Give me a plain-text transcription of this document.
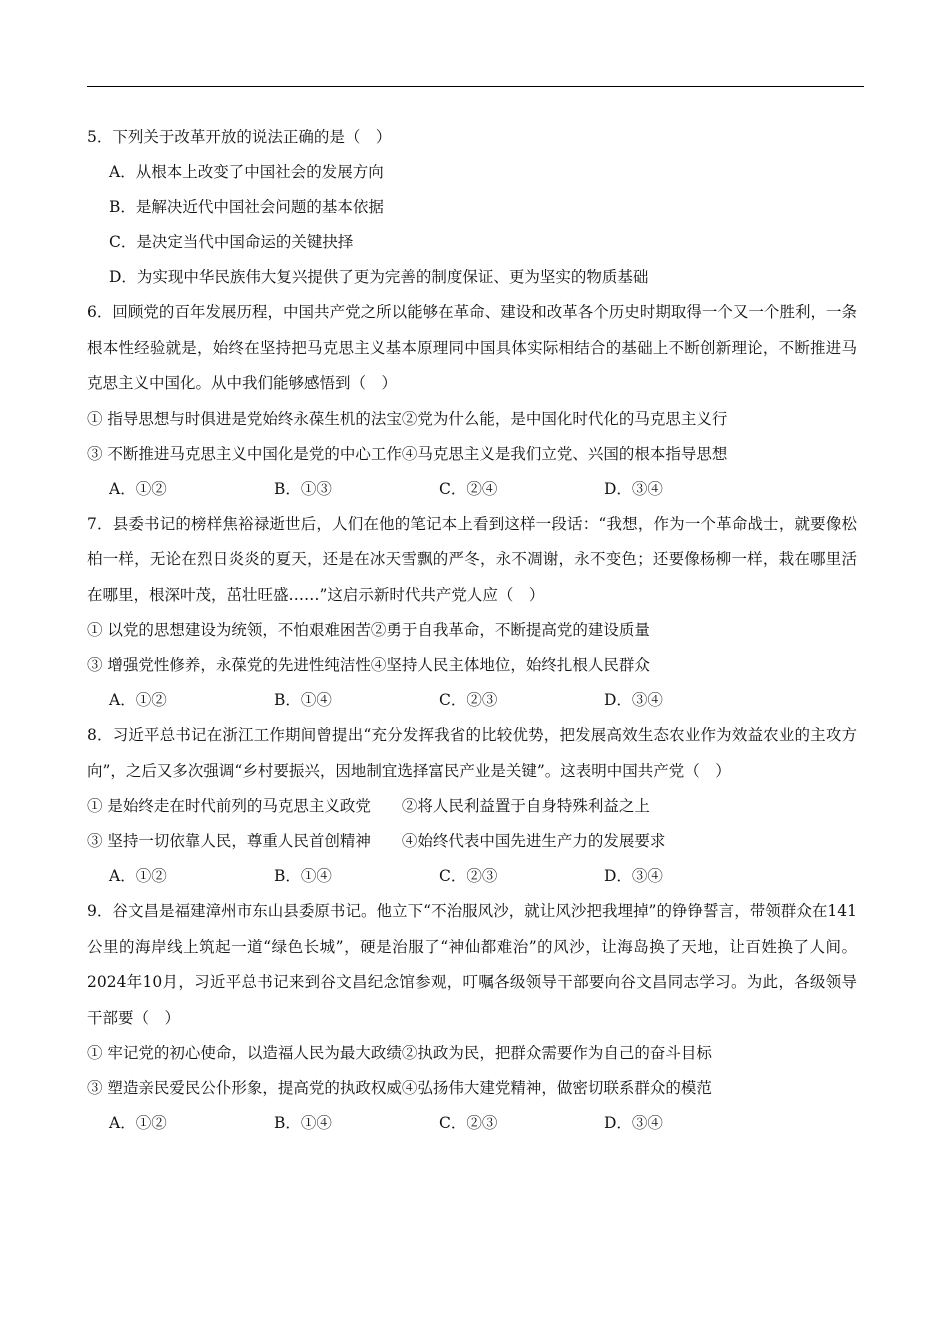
5．下列关于改革开放的说法正确的是（　）
A．从根本上改变了中国社会的发展方向
B．是解决近代中国社会问题的基本依据
C．是决定当代中国命运的关键抉择
D．为实现中华民族伟大复兴提供了更为完善的制度保证、更为坚实的物质基础
6．回顾党的百年发展历程，中国共产党之所以能够在革命、建设和改革各个历史时期取得一个又一个胜利，一条根本性经验就是，始终在坚持把马克思主义基本原理同中国具体实际相结合的基础上不断创新理论，不断推进马克思主义中国化。从中我们能够感悟到（　）
① 指导思想与时俱进是党始终永葆生机的法宝②党为什么能，是中国化时代化的马克思主义行
③ 不断推进马克思主义中国化是党的中心工作④马克思主义是我们立党、兴国的根本指导思想
A．①②	B．①③	C．②④	D．③④
7．县委书记的榜样焦裕禄逝世后，人们在他的笔记本上看到这样一段话：“我想，作为一个革命战士，就要像松柏一样，无论在烈日炎炎的夏天，还是在冰天雪飘的严冬，永不凋谢，永不变色；还要像杨柳一样，栽在哪里活在哪里，根深叶茂，茁壮旺盛……”这启示新时代共产党人应（　）
① 以党的思想建设为统领，不怕艰难困苦②勇于自我革命，不断提高党的建设质量
③ 增强党性修养，永葆党的先进性纯洁性④坚持人民主体地位，始终扎根人民群众
A．①②	B．①④	C．②③	D．③④
8．习近平总书记在浙江工作期间曾提出“充分发挥我省的比较优势，把发展高效生态农业作为效益农业的主攻方向”，之后又多次强调“乡村要振兴，因地制宜选择富民产业是关键”。这表明中国共产党（　）
① 是始终走在时代前列的马克思主义政党　　②将人民利益置于自身特殊利益之上
③ 坚持一切依靠人民，尊重人民首创精神　　④始终代表中国先进生产力的发展要求
A．①②	B．①④	C．②③	D．③④
9．谷文昌是福建漳州市东山县委原书记。他立下“不治服风沙，就让风沙把我埋掉”的铮铮誓言，带领群众在141公里的海岸线上筑起一道“绿色长城”，硬是治服了“神仙都难治”的风沙，让海岛换了天地，让百姓换了人间。2024年10月，习近平总书记来到谷文昌纪念馆参观，叮嘱各级领导干部要向谷文昌同志学习。为此，各级领导干部要（　）
① 牢记党的初心使命，以造福人民为最大政绩②执政为民，把群众需要作为自己的奋斗目标
③ 塑造亲民爱民公仆形象，提高党的执政权威④弘扬伟大建党精神，做密切联系群众的模范
A．①②	B．①④	C．②③	D．③④
